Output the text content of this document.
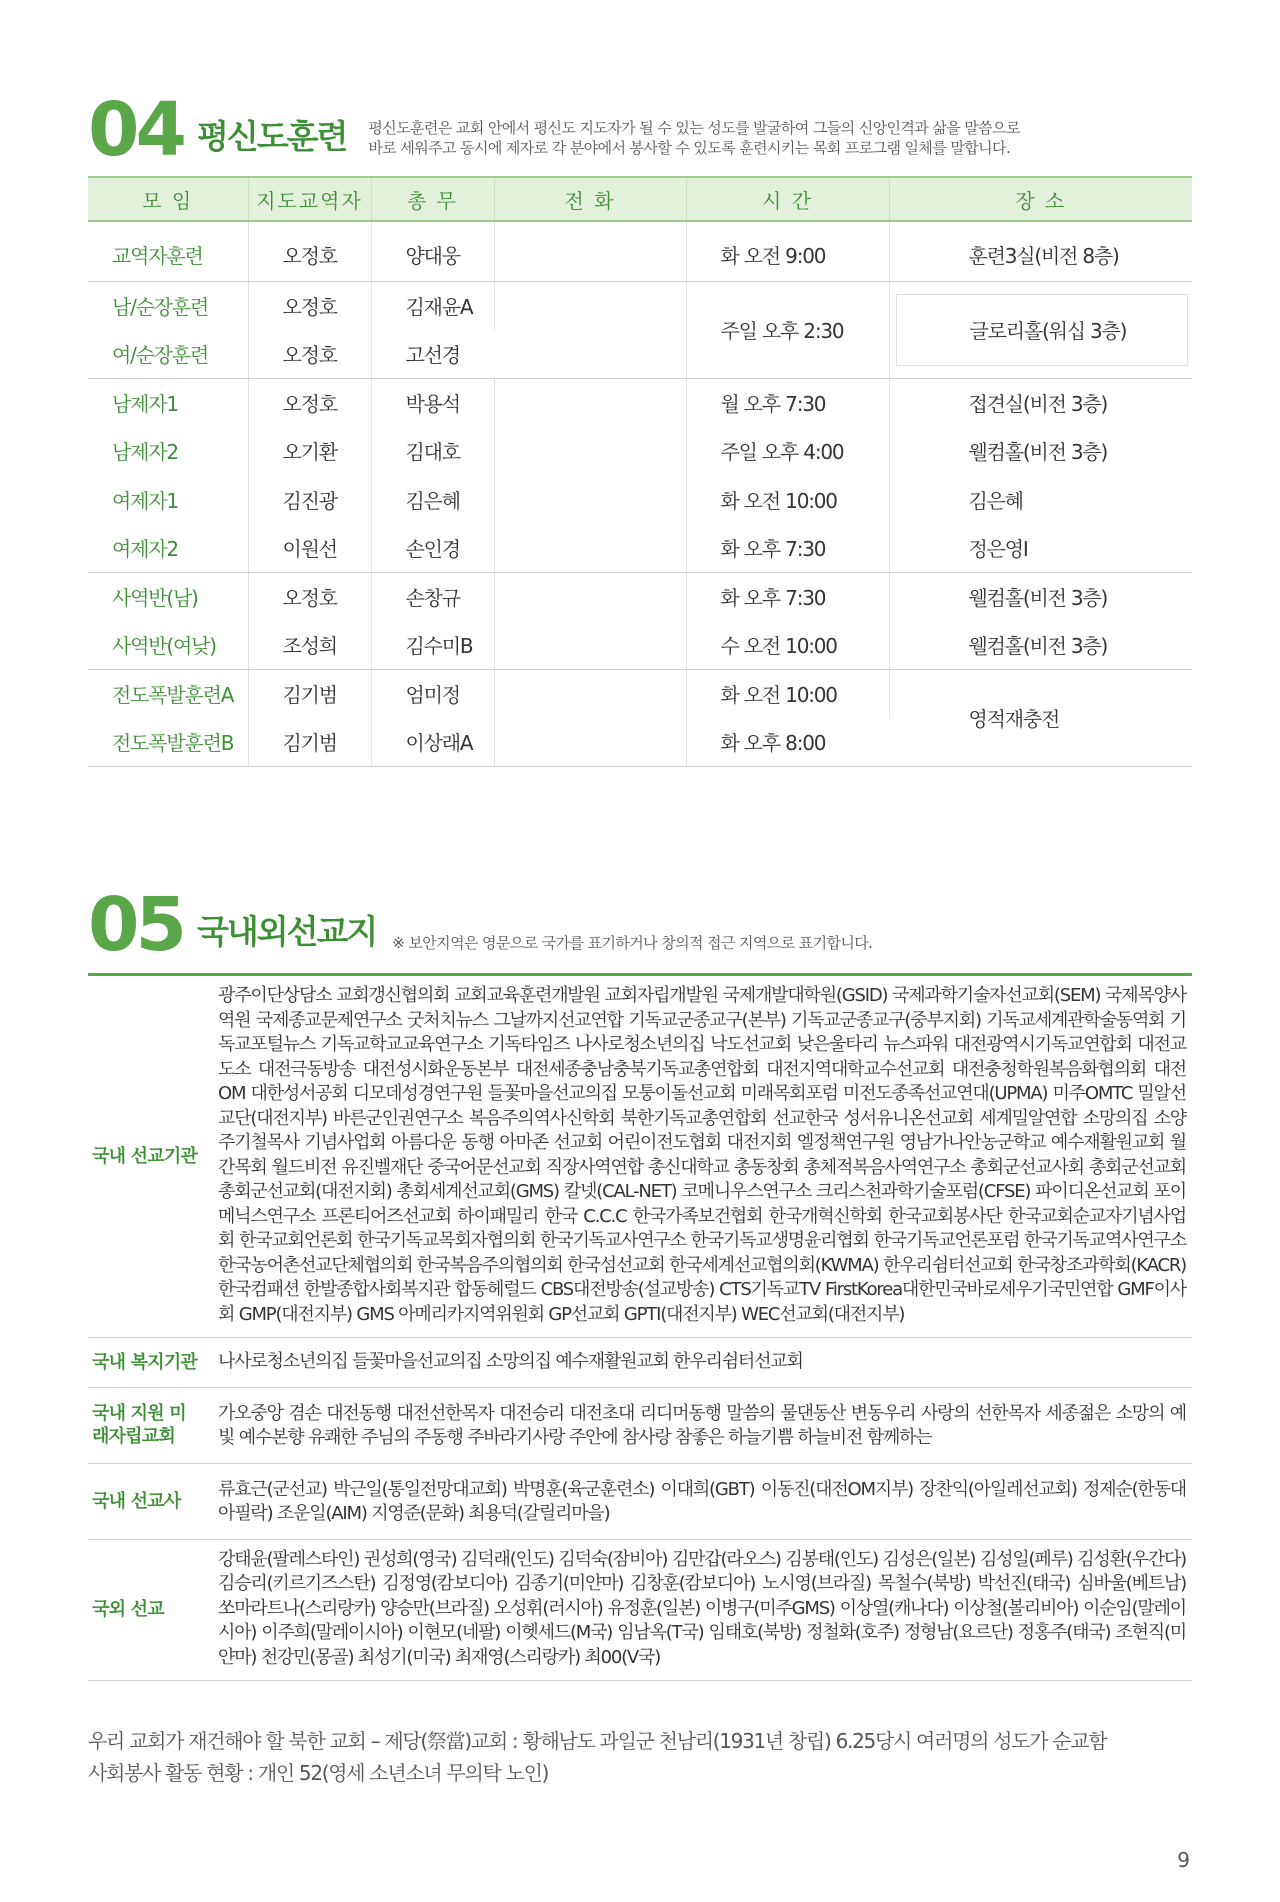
04 평신도훈련 평신도훈련은 교회 안에서 평신도 지도자가 될 수 있는 성도를 발굴하여 그들의 신앙인격과 삶을 말씀으로
바로 세워주고 동시에 제자로 각 분야에서 봉사할 수 있도록 훈련시키는 목회 프로그램 일체를 말합니다.
모 임	지도교역자	총 무	전 화	시 간	장 소
교역자훈련	오정호	양대웅		화 오전 9:00	훈련3실(비전 8층)
남/순장훈련	오정호	김재윤A		주일 오후 2:30	글로리홀(워십 3층)

여/순장훈련	오정호	고선경			
남제자1	오정호	박용석		월 오후 7:30	접견실(비전 3층)
남제자2	오기환	김대호		주일 오후 4:00	웰컴홀(비전 3층)
여제자1	김진광	김은혜		화 오전 10:00	김은혜
여제자2	이원선	손인경		화 오후 7:30	정은영I
사역반(남)	오정호	손창규		화 오후 7:30	웰컴홀(비전 3층)
사역반(여낮)	조성희	김수미B		수 오전 10:00	웰컴홀(비전 3층)
전도폭발훈련A	김기범	엄미정		화 오전 10:00	영적재충전
전도폭발훈련B	김기범	이상래A		화 오후 8:00	
05 국내외선교지 ※ 보안지역은 영문으로 국가를 표기하거나 창의적 접근 지역으로 표기합니다.
국내 선교기관
광주이단상담소 교회갱신협의회 교회교육훈련개발원 교회자립개발원 국제개발대학원(GSID) 국제과학기술자선교회(SEM) 국제목양사역원 국제종교문제연구소 굿처치뉴스 그날까지선교연합 기독교군종교구(본부) 기독교군종교구(중부지회) 기독교세계관학술동역회 기독교포털뉴스 기독교학교교육연구소 기독타임즈 나사로청소년의집 낙도선교회 낮은울타리 뉴스파워 대전광역시기독교연합회 대전교도소 대전극동방송 대전성시화운동본부 대전세종충남충북기독교총연합회 대전지역대학교수선교회 대전충청학원복음화협의회 대전OM 대한성서공회 디모데성경연구원 들꽃마을선교의집 모퉁이돌선교회 미래목회포럼 미전도종족선교연대(UPMA) 미주OMTC 밀알선교단(대전지부) 바른군인권연구소 복음주의역사신학회 북한기독교총연합회 선교한국 성서유니온선교회 세계밀알연합 소망의집 소양 주기철목사 기념사업회 아름다운 동행 아마존 선교회 어린이전도협회 대전지회 엘정책연구원 영남가나안농군학교 예수재활원교회 월간목회 월드비전 유진벨재단 중국어문선교회 직장사역연합 총신대학교 총동창회 총체적복음사역연구소 총회군선교사회 총회군선교회 총회군선교회(대전지회) 총회세계선교회(GMS) 칼넷(CAL-NET) 코메니우스연구소 크리스천과학기술포럼(CFSE) 파이디온선교회 포이메닉스연구소 프론티어즈선교회 하이패밀리 한국 C.C.C 한국가족보건협회 한국개혁신학회 한국교회봉사단 한국교회순교자기념사업회 한국교회언론회 한국기독교목회자협의회 한국기독교사연구소 한국기독교생명윤리협회 한국기독교언론포럼 한국기독교역사연구소 한국농어촌선교단체협의회 한국복음주의협의회 한국섬선교회 한국세계선교협의회(KWMA) 한우리쉼터선교회 한국창조과학회(KACR) 한국컴패션 한발종합사회복지관 합동헤럴드 CBS대전방송(설교방송) CTS기독교TV FirstKorea대한민국바로세우기국민연합 GMF이사회 GMP(대전지부) GMS 아메리카지역위원회 GP선교회 GPTI(대전지부) WEC선교회(대전지부)
국내 복지기관	나사로청소년의집 들꽃마을선교의집 소망의집 예수재활원교회 한우리쉼터선교회
국내 지원 미래자립교회
가오중앙 겸손 대전동행 대전선한목자 대전승리 대전초대 리디머동행 말씀의 물댄동산 변동우리 사랑의 선한목자 세종젊은 소망의 예빛 예수본향 유쾌한 주님의 주동행 주바라기사랑 주안에 참사랑 참좋은 하늘기쁨 하늘비전 함께하는
국내 선교사
류효근(군선교) 박근일(통일전망대교회) 박명훈(육군훈련소) 이대희(GBT) 이동진(대전OM지부) 장찬익(아일레선교회) 정제순(한동대 아필락) 조운일(AIM) 지영준(문화) 최용덕(갈릴리마을)
국외 선교
강태윤(팔레스타인) 권성희(영국) 김덕래(인도) 김덕숙(잠비아) 김만갑(라오스) 김봉태(인도) 김성은(일본) 김성일(페루) 김성환(우간다) 김승리(키르기즈스탄) 김정영(캄보디아) 김종기(미얀마) 김창훈(캄보디아) 노시영(브라질) 목철수(북방) 박선진(태국) 심바울(베트남) 쏘마라트나(스리랑카) 양승만(브라질) 오성휘(러시아) 유정훈(일본) 이병구(미주GMS) 이상열(캐나다) 이상철(볼리비아) 이순임(말레이시아) 이주희(말레이시아) 이현모(네팔) 이헷세드(M국) 임남옥(T국) 임태호(북방) 정철화(호주) 정형남(요르단) 정홍주(태국) 조현직(미얀마) 천강민(몽골) 최성기(미국) 최재영(스리랑카) 최00(V국)
우리 교회가 재건해야 할 북한 교회 – 제당(祭當)교회 : 황해남도 과일군 천남리(1931년 창립) 6.25당시 여러명의 성도가 순교함
사회봉사 활동 현황 : 개인 52(영세 소년소녀 무의탁 노인)
9
